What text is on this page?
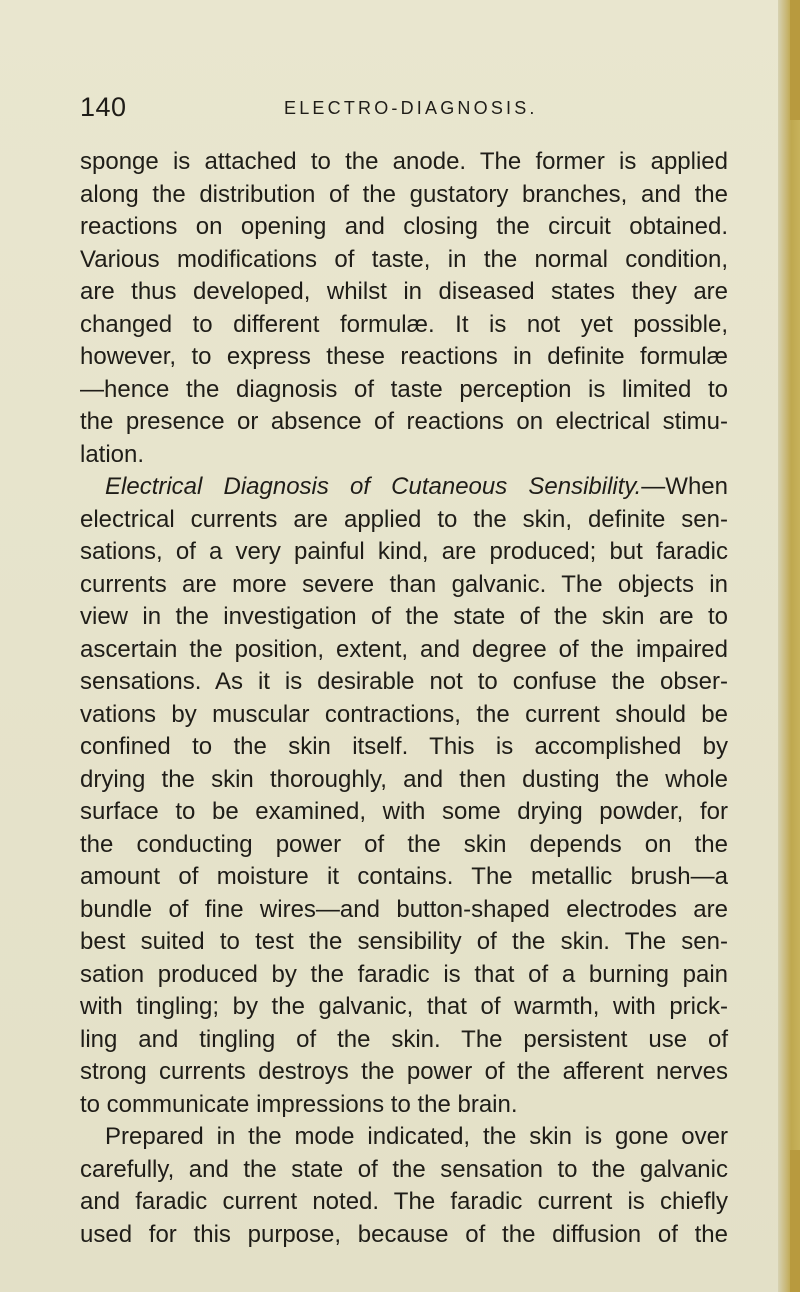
140	ELECTRO-DIAGNOSIS.
sponge is attached to the anode. The former is applied
along the distribution of the gustatory branches, and the
reactions on opening and closing the circuit obtained.
Various modifications of taste, in the normal condition,
are thus developed, whilst in diseased states they are
changed to different formulæ. It is not yet possible,
however, to express these reactions in definite formulæ
—hence the diagnosis of taste perception is limited to
the presence or absence of reactions on electrical stimu-
lation.
Electrical Diagnosis of Cutaneous Sensibility.—When
electrical currents are applied to the skin, definite sen-
sations, of a very painful kind, are produced; but faradic
currents are more severe than galvanic. The objects in
view in the investigation of the state of the skin are to
ascertain the position, extent, and degree of the impaired
sensations. As it is desirable not to confuse the obser-
vations by muscular contractions, the current should be
confined to the skin itself. This is accomplished by
drying the skin thoroughly, and then dusting the whole
surface to be examined, with some drying powder, for
the conducting power of the skin depends on the
amount of moisture it contains. The metallic brush—a
bundle of fine wires—and button-shaped electrodes are
best suited to test the sensibility of the skin. The sen-
sation produced by the faradic is that of a burning pain
with tingling; by the galvanic, that of warmth, with prick-
ling and tingling of the skin. The persistent use of
strong currents destroys the power of the afferent nerves
to communicate impressions to the brain.
Prepared in the mode indicated, the skin is gone over
carefully, and the state of the sensation to the galvanic
and faradic current noted. The faradic current is chiefly
used for this purpose, because of the diffusion of the
